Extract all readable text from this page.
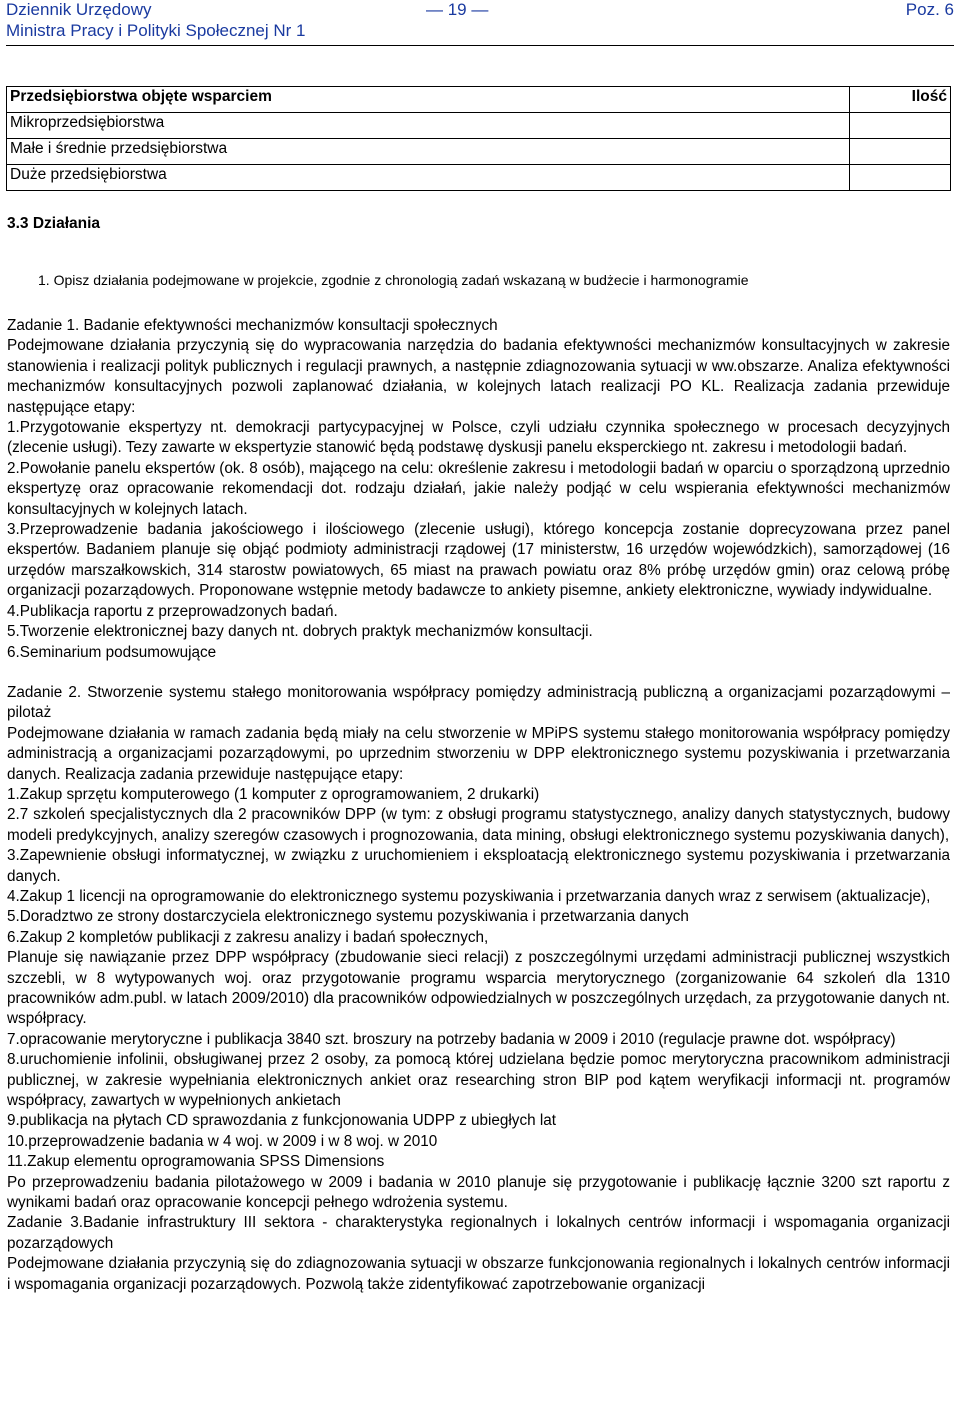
Dziennik Urzędowy
Ministra Pracy i Polityki Społecznej Nr 1
— 19 —	Poz. 6
Przedsiębiorstwa objęte wsparciem	Ilość
Mikroprzedsiębiorstwa	
Małe i średnie przedsiębiorstwa	
Duże przedsiębiorstwa	
3.3 Działania
1. Opisz działania podejmowane w projekcie, zgodnie z chronologią zadań wskazaną w budżecie i harmonogramie

Zadanie 1. Badanie efektywności mechanizmów konsultacji społecznych

Podejmowane działania przyczynią się do wypracowania narzędzia do badania efektywności mechanizmów konsultacyjnych w zakresie stanowienia i realizacji polityk publicznych i regulacji prawnych, a następnie zdiagnozowania sytuacji w ww.obszarze. Analiza efektywności mechanizmów konsultacyjnych pozwoli zaplanować działania, w kolejnych latach realizacji PO KL. Realizacja zadania przewiduje następujące etapy:

1.Przygotowanie ekspertyzy nt. demokracji partycypacyjnej w Polsce, czyli udziału czynnika społecznego w procesach decyzyjnych (zlecenie usługi). Tezy zawarte w ekspertyzie stanowić będą podstawę dyskusji panelu eksperckiego nt. zakresu i metodologii badań.

2.Powołanie panelu ekspertów (ok. 8 osób), mającego na celu: określenie zakresu i metodologii badań w oparciu o sporządzoną uprzednio ekspertyzę oraz opracowanie rekomendacji dot. rodzaju działań, jakie należy podjąć w celu wspierania efektywności mechanizmów konsultacyjnych w kolejnych latach.

3.Przeprowadzenie badania jakościowego i ilościowego (zlecenie usługi), którego koncepcja zostanie doprecyzowana przez panel ekspertów. Badaniem planuje się objąć podmioty administracji rządowej (17 ministerstw, 16 urzędów wojewódzkich), samorządowej (16 urzędów marszałkowskich, 314 starostw powiatowych, 65 miast na prawach powiatu oraz 8% próbę urzędów gmin) oraz celową próbę organizacji pozarządowych. Proponowane wstępnie metody badawcze to ankiety pisemne, ankiety elektroniczne, wywiady indywidualne.

4.Publikacja raportu z przeprowadzonych badań.

5.Tworzenie elektronicznej bazy danych nt. dobrych praktyk mechanizmów konsultacji.

6.Seminarium podsumowujące

Zadanie 2. Stworzenie systemu stałego monitorowania współpracy pomiędzy administracją publiczną a organizacjami pozarządowymi – pilotaż

Podejmowane działania w ramach zadania będą miały na celu stworzenie w MPiPS systemu stałego monitorowania współpracy pomiędzy administracją a organizacjami pozarządowymi, po uprzednim stworzeniu w DPP elektronicznego systemu pozyskiwania i przetwarzania danych. Realizacja zadania przewiduje następujące etapy:

1.Zakup sprzętu komputerowego (1 komputer z oprogramowaniem, 2 drukarki)

2.7 szkoleń specjalistycznych dla 2 pracowników DPP (w tym: z obsługi programu statystycznego, analizy danych statystycznych, budowy modeli predykcyjnych, analizy szeregów czasowych i prognozowania, data mining, obsługi elektronicznego systemu pozyskiwania danych),

3.Zapewnienie obsługi informatycznej, w związku z uruchomieniem i eksploatacją elektronicznego systemu pozyskiwania i przetwarzania danych.

4.Zakup 1 licencji na oprogramowanie do elektronicznego systemu pozyskiwania i przetwarzania danych wraz z serwisem (aktualizacje),

5.Doradztwo ze strony dostarczyciela elektronicznego systemu pozyskiwania i przetwarzania danych

6.Zakup 2 kompletów publikacji z zakresu analizy i badań społecznych,

Planuje się nawiązanie przez DPP współpracy (zbudowanie sieci relacji) z poszczególnymi urzędami administracji publicznej wszystkich szczebli, w 8 wytypowanych woj. oraz przygotowanie programu wsparcia merytorycznego (zorganizowanie 64 szkoleń dla 1310 pracowników adm.publ. w latach 2009/2010) dla pracowników odpowiedzialnych w poszczególnych urzędach, za przygotowanie danych nt. współpracy.

7.opracowanie merytoryczne i publikacja 3840 szt. broszury na potrzeby badania w 2009 i 2010 (regulacje prawne dot. współpracy)

8.uruchomienie infolinii, obsługiwanej przez 2 osoby, za pomocą której udzielana będzie pomoc merytoryczna pracownikom administracji publicznej, w zakresie wypełniania elektronicznych ankiet oraz researching stron BIP pod kątem weryfikacji informacji nt. programów współpracy, zawartych w wypełnionych ankietach

9.publikacja na płytach CD sprawozdania z funkcjonowania UDPP z ubiegłych lat

10.przeprowadzenie badania w 4 woj. w 2009 i w 8 woj. w 2010

11.Zakup elementu oprogramowania SPSS Dimensions

Po przeprowadzeniu badania pilotażowego w 2009 i badania w 2010 planuje się przygotowanie i publikację łącznie 3200 szt raportu z wynikami badań oraz opracowanie koncepcji pełnego wdrożenia systemu.

Zadanie 3.Badanie infrastruktury III sektora - charakterystyka regionalnych i lokalnych centrów informacji i wspomagania organizacji pozarządowych

Podejmowane działania przyczynią się do zdiagnozowania sytuacji w obszarze funkcjonowania regionalnych i lokalnych centrów informacji i wspomagania organizacji pozarządowych. Pozwolą także zidentyfikować zapotrzebowanie organizacji
